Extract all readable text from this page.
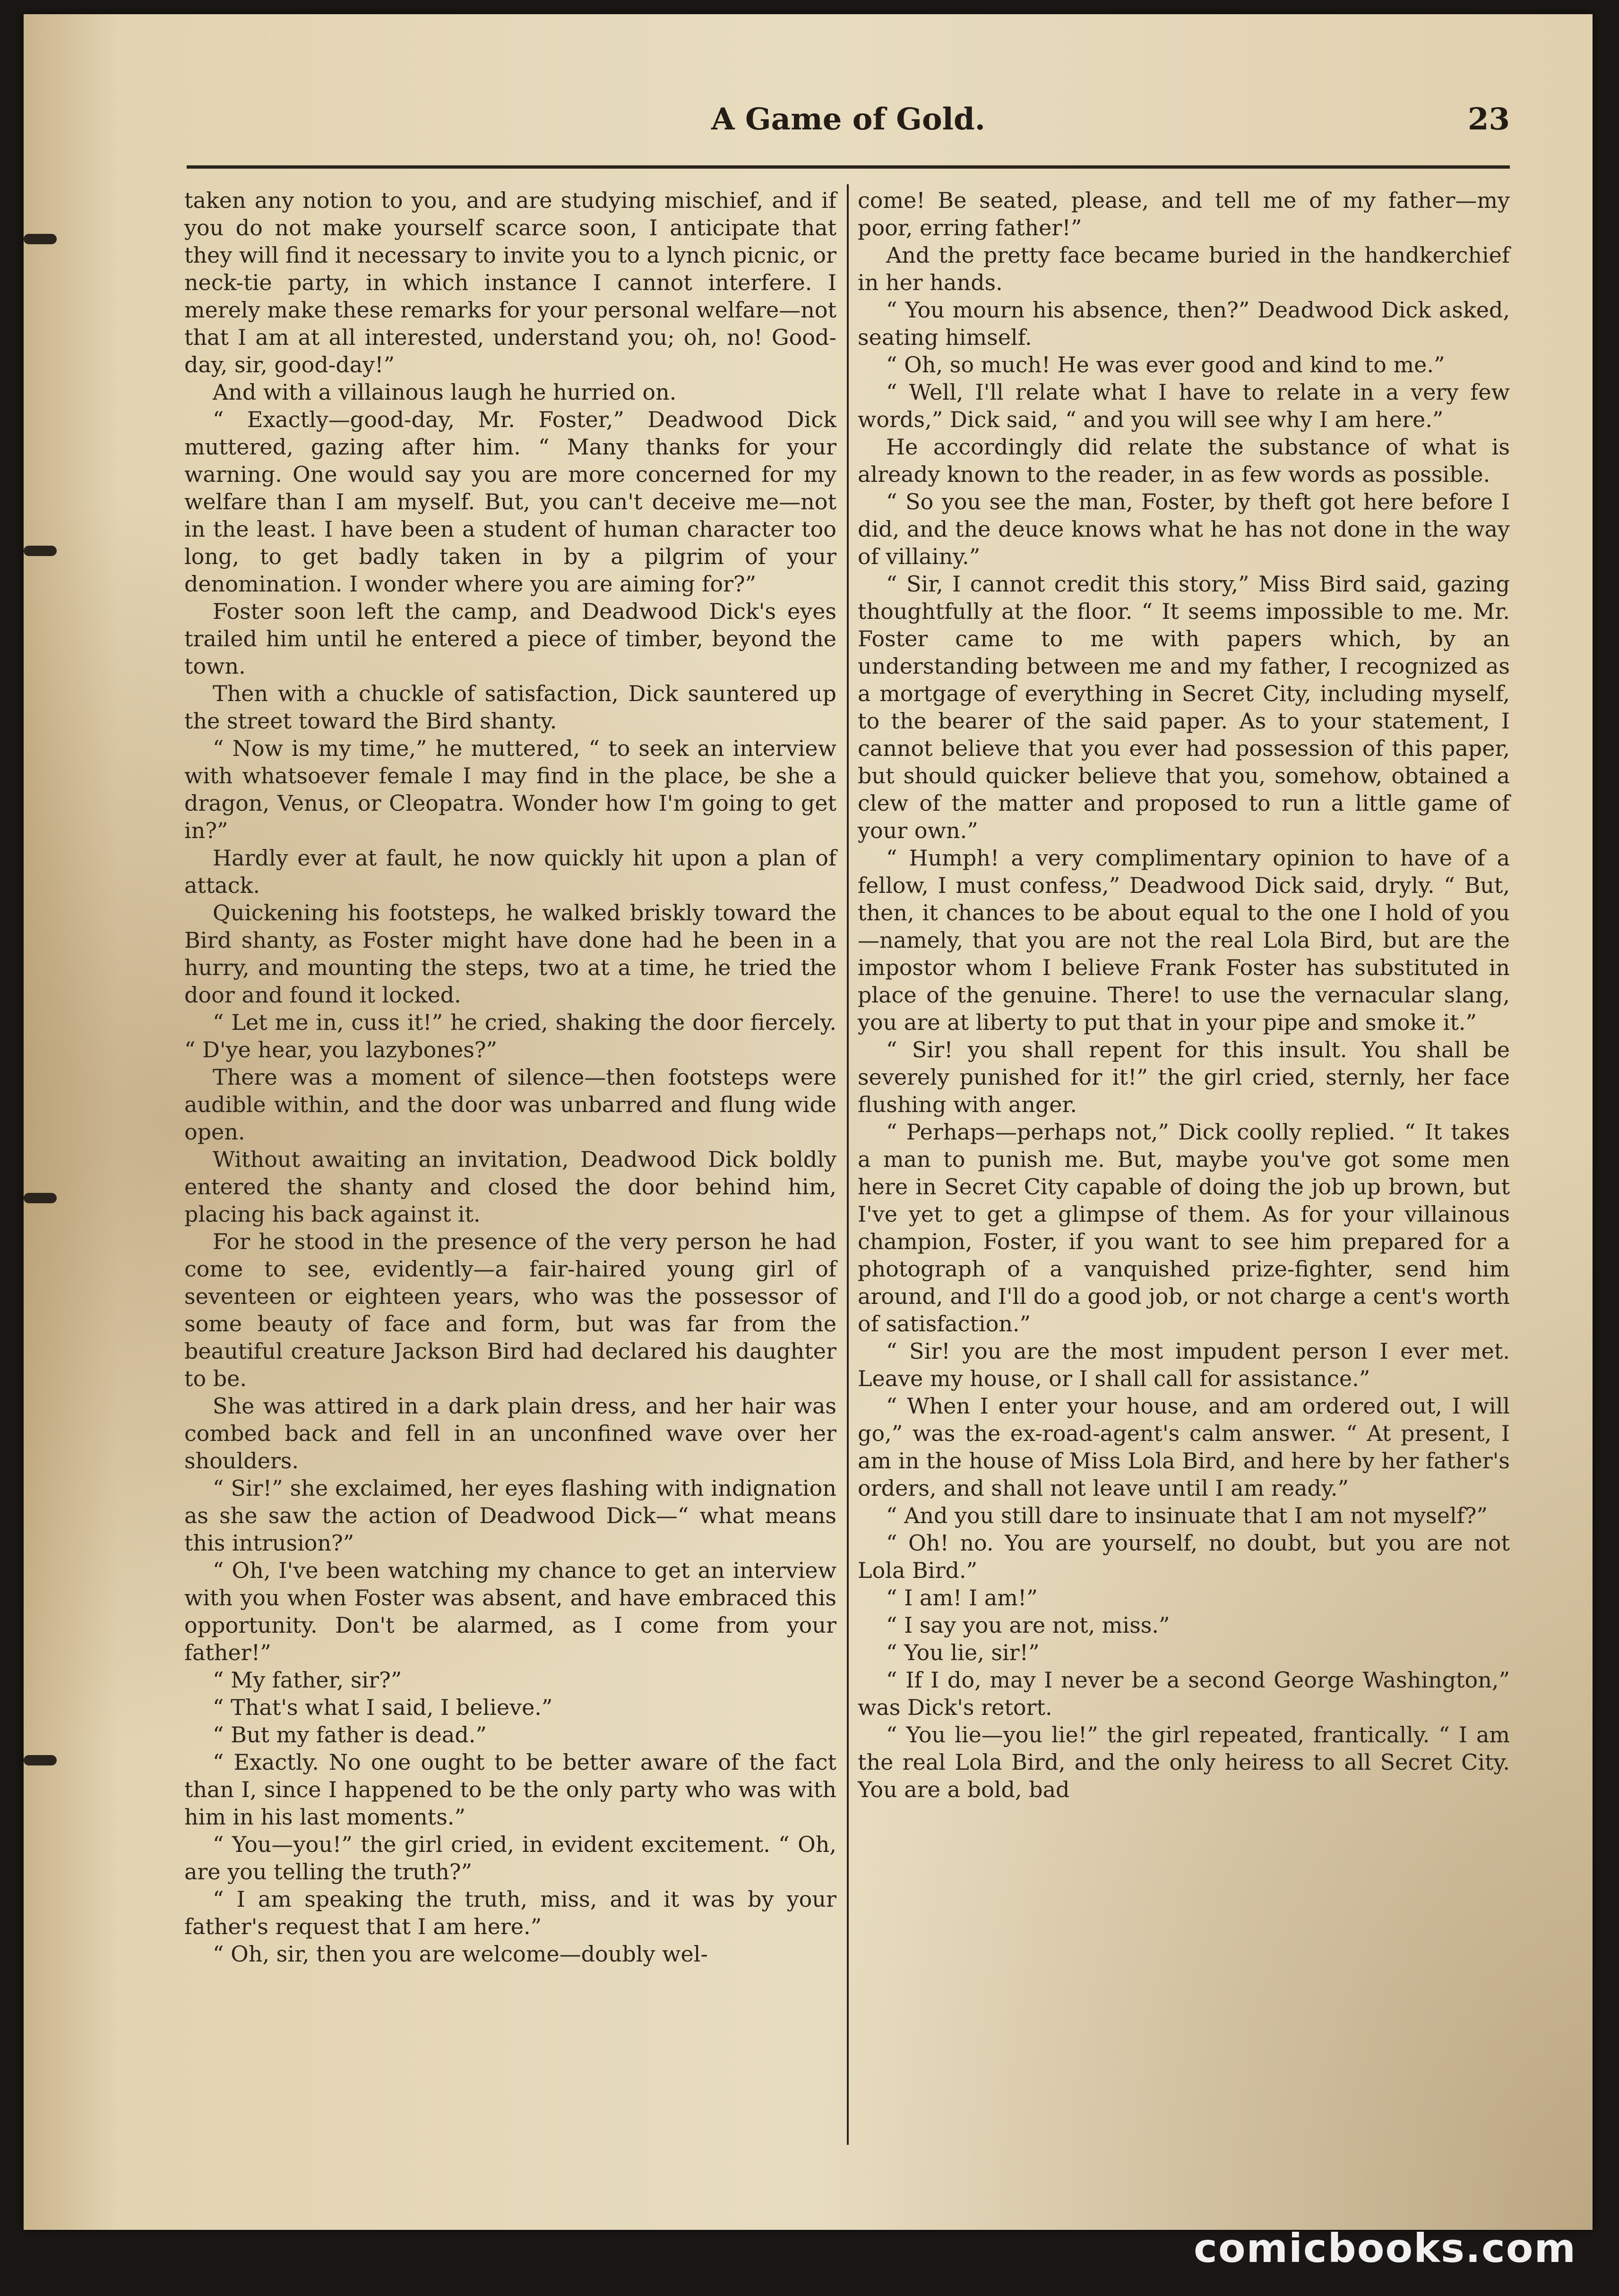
A Game of Gold.	23

taken any notion to you, and are studying mischief, and if you do not make yourself scarce soon, I anticipate that they will find it necessary to invite you to a lynch picnic, or neck-tie party, in which instance I cannot interfere. I merely make these remarks for your personal welfare—not that I am at all interested, understand you; oh, no! Good-day, sir, good-day!”

And with a villainous laugh he hurried on.

“ Exactly—good-day, Mr. Foster,” Deadwood Dick muttered, gazing after him. “ Many thanks for your warning. One would say you are more concerned for my welfare than I am myself. But, you can't deceive me—not in the least. I have been a student of human character too long, to get badly taken in by a pilgrim of your denomination. I wonder where you are aiming for?”

Foster soon left the camp, and Deadwood Dick's eyes trailed him until he entered a piece of timber, beyond the town.

Then with a chuckle of satisfaction, Dick sauntered up the street toward the Bird shanty.

“ Now is my time,” he muttered, “ to seek an interview with whatsoever female I may find in the place, be she a dragon, Venus, or Cleopatra. Wonder how I'm going to get in?”

Hardly ever at fault, he now quickly hit upon a plan of attack.

Quickening his footsteps, he walked briskly toward the Bird shanty, as Foster might have done had he been in a hurry, and mounting the steps, two at a time, he tried the door and found it locked.

“ Let me in, cuss it!” he cried, shaking the door fiercely. “ D'ye hear, you lazybones?”

There was a moment of silence—then footsteps were audible within, and the door was unbarred and flung wide open.

Without awaiting an invitation, Deadwood Dick boldly entered the shanty and closed the door behind him, placing his back against it.

For he stood in the presence of the very person he had come to see, evidently—a fair-haired young girl of seventeen or eighteen years, who was the possessor of some beauty of face and form, but was far from the beautiful creature Jackson Bird had declared his daughter to be.

She was attired in a dark plain dress, and her hair was combed back and fell in an unconfined wave over her shoulders.

“ Sir!” she exclaimed, her eyes flashing with indignation as she saw the action of Deadwood Dick—“ what means this intrusion?”

“ Oh, I've been watching my chance to get an interview with you when Foster was absent, and have embraced this opportunity. Don't be alarmed, as I come from your father!”

“ My father, sir?”

“ That's what I said, I believe.”

“ But my father is dead.”

“ Exactly. No one ought to be better aware of the fact than I, since I happened to be the only party who was with him in his last moments.”

“ You—you!” the girl cried, in evident excitement. “ Oh, are you telling the truth?”

“ I am speaking the truth, miss, and it was by your father's request that I am here.”

“ Oh, sir, then you are welcome—doubly wel-

come! Be seated, please, and tell me of my father—my poor, erring father!”

And the pretty face became buried in the handkerchief in her hands.

“ You mourn his absence, then?” Deadwood Dick asked, seating himself.

“ Oh, so much! He was ever good and kind to me.”

“ Well, I'll relate what I have to relate in a very few words,” Dick said, “ and you will see why I am here.”

He accordingly did relate the substance of what is already known to the reader, in as few words as possible.

“ So you see the man, Foster, by theft got here before I did, and the deuce knows what he has not done in the way of villainy.”

“ Sir, I cannot credit this story,” Miss Bird said, gazing thoughtfully at the floor. “ It seems impossible to me. Mr. Foster came to me with papers which, by an understanding between me and my father, I recognized as a mortgage of everything in Secret City, including myself, to the bearer of the said paper. As to your statement, I cannot believe that you ever had possession of this paper, but should quicker believe that you, somehow, obtained a clew of the matter and proposed to run a little game of your own.”

“ Humph! a very complimentary opinion to have of a fellow, I must confess,” Deadwood Dick said, dryly. “ But, then, it chances to be about equal to the one I hold of you—namely, that you are not the real Lola Bird, but are the impostor whom I believe Frank Foster has substituted in place of the genuine. There! to use the vernacular slang, you are at liberty to put that in your pipe and smoke it.”

“ Sir! you shall repent for this insult. You shall be severely punished for it!” the girl cried, sternly, her face flushing with anger.

“ Perhaps—perhaps not,” Dick coolly replied. “ It takes a man to punish me. But, maybe you've got some men here in Secret City capable of doing the job up brown, but I've yet to get a glimpse of them. As for your villainous champion, Foster, if you want to see him prepared for a photograph of a vanquished prize-fighter, send him around, and I'll do a good job, or not charge a cent's worth of satisfaction.”

“ Sir! you are the most impudent person I ever met. Leave my house, or I shall call for assistance.”

“ When I enter your house, and am ordered out, I will go,” was the ex-road-agent's calm answer. “ At present, I am in the house of Miss Lola Bird, and here by her father's orders, and shall not leave until I am ready.”

“ And you still dare to insinuate that I am not myself?”

“ Oh! no. You are yourself, no doubt, but you are not Lola Bird.”

“ I am! I am!”

“ I say you are not, miss.”

“ You lie, sir!”

“ If I do, may I never be a second George Washington,” was Dick's retort.

“ You lie—you lie!” the girl repeated, frantically. “ I am the real Lola Bird, and the only heiress to all Secret City. You are a bold, bad

comicbooks.com
